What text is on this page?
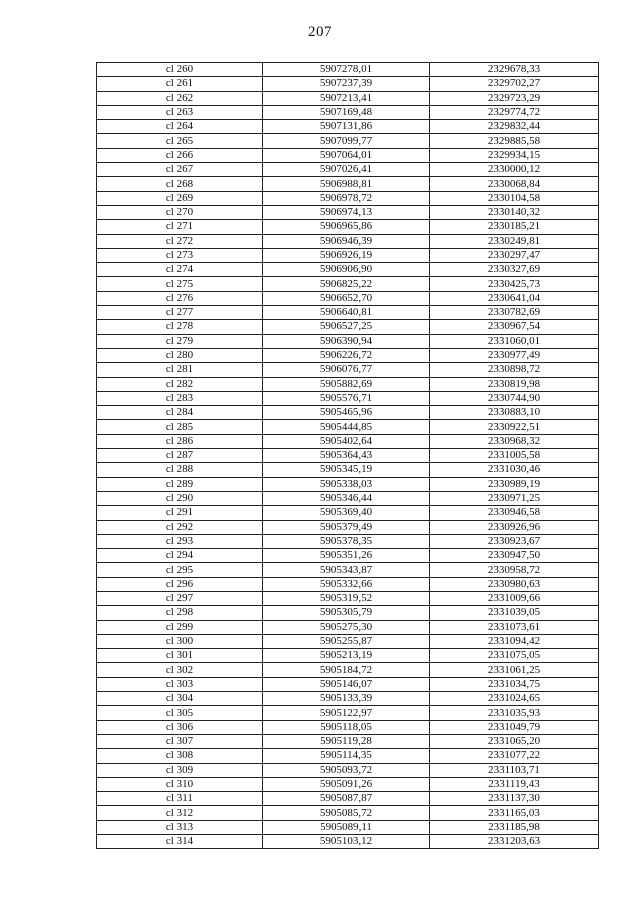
207
cl 260	5907278,01	2329678,33
cl 261	5907237,39	2329702,27
cl 262	5907213,41	2329723,29
cl 263	5907169,48	2329774,72
cl 264	5907131,86	2329832,44
cl 265	5907099,77	2329885,58
cl 266	5907064,01	2329934,15
cl 267	5907026,41	2330000,12
cl 268	5906988,81	2330068,84
cl 269	5906978,72	2330104,58
cl 270	5906974,13	2330140,32
cl 271	5906965,86	2330185,21
cl 272	5906946,39	2330249,81
cl 273	5906926,19	2330297,47
cl 274	5906906,90	2330327,69
cl 275	5906825,22	2330425,73
cl 276	5906652,70	2330641,04
cl 277	5906640,81	2330782,69
cl 278	5906527,25	2330967,54
cl 279	5906390,94	2331060,01
cl 280	5906226,72	2330977,49
cl 281	5906076,77	2330898,72
cl 282	5905882,69	2330819,98
cl 283	5905576,71	2330744,90
cl 284	5905465,96	2330883,10
cl 285	5905444,85	2330922,51
cl 286	5905402,64	2330968,32
cl 287	5905364,43	2331005,58
cl 288	5905345,19	2331030,46
cl 289	5905338,03	2330989,19
cl 290	5905346,44	2330971,25
cl 291	5905369,40	2330946,58
cl 292	5905379,49	2330926,96
cl 293	5905378,35	2330923,67
cl 294	5905351,26	2330947,50
cl 295	5905343,87	2330958,72
cl 296	5905332,66	2330980,63
cl 297	5905319,52	2331009,66
cl 298	5905305,79	2331039,05
cl 299	5905275,30	2331073,61
cl 300	5905255,87	2331094,42
cl 301	5905213,19	2331075,05
cl 302	5905184,72	2331061,25
cl 303	5905146,07	2331034,75
cl 304	5905133,39	2331024,65
cl 305	5905122,97	2331035,93
cl 306	5905118,05	2331049,79
cl 307	5905119,28	2331065,20
cl 308	5905114,35	2331077,22
cl 309	5905093,72	2331103,71
cl 310	5905091,26	2331119,43
cl 311	5905087,87	2331137,30
cl 312	5905085,72	2331165,03
cl 313	5905089,11	2331185,98
cl 314	5905103,12	2331203,63
